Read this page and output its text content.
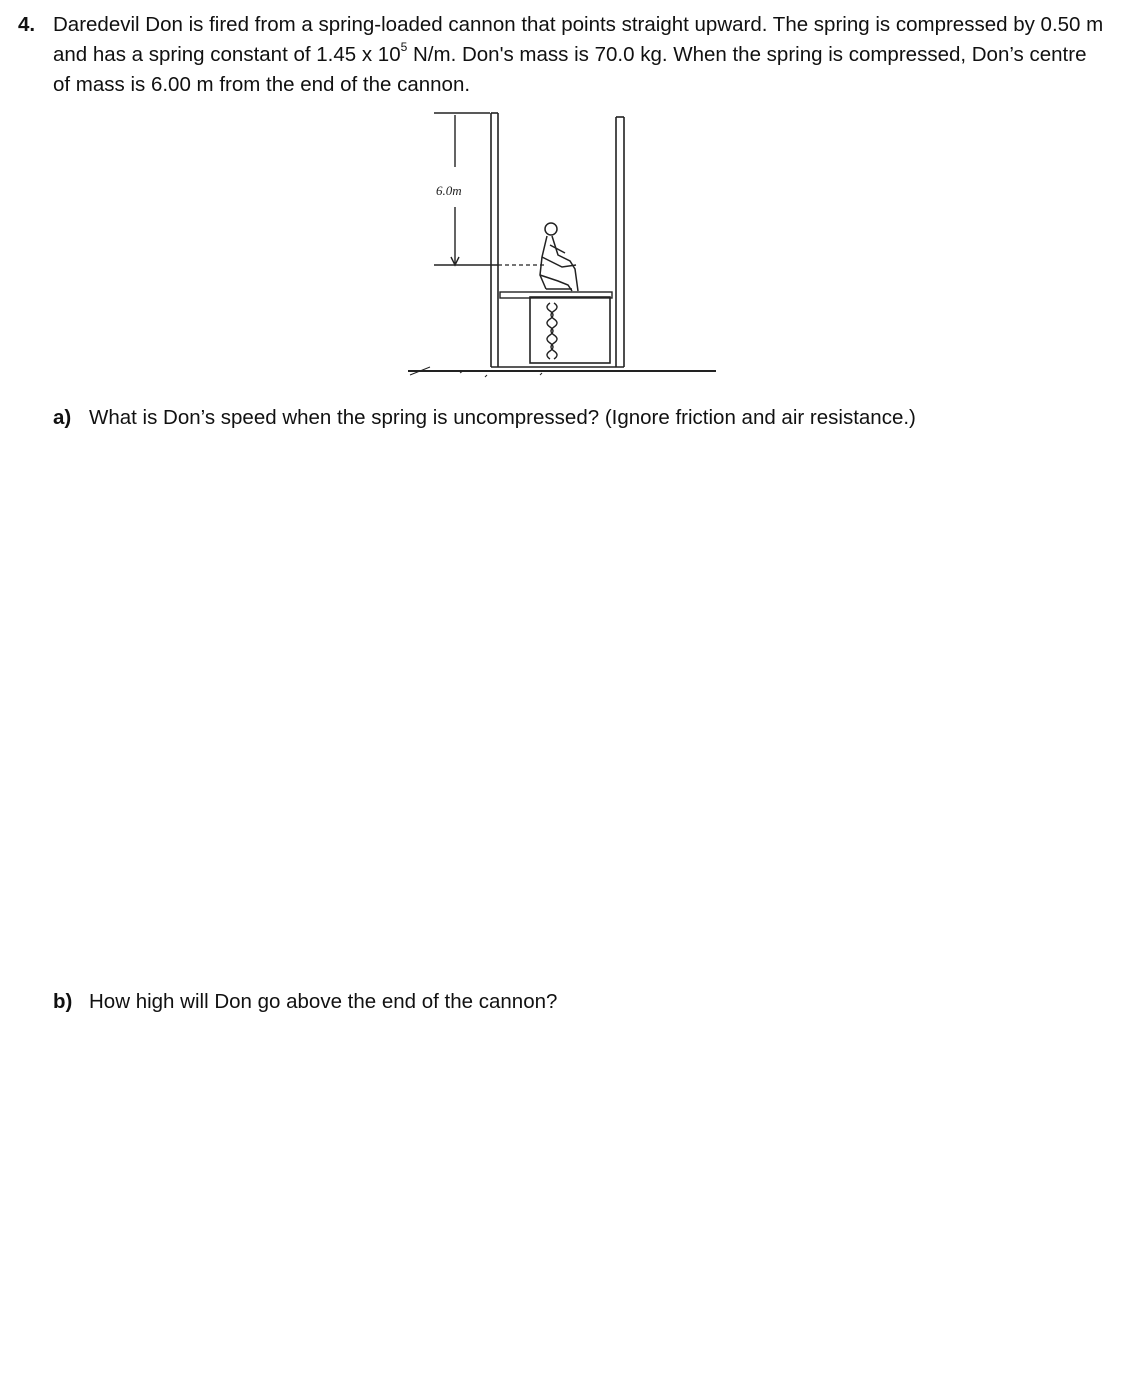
4. Daredevil Don is fired from a spring-loaded cannon that points straight upward. The spring is compressed by 0.50 m and has a spring constant of 1.45 x $10^5$ N/m. Don's mass is 70.0 kg. When the spring is compressed, Don’s centre of mass is 6.00 m from the end of the cannon.
6.0m
a) What is Don’s speed when the spring is uncompressed? (Ignore friction and air resistance.)
b) How high will Don go above the end of the cannon?
